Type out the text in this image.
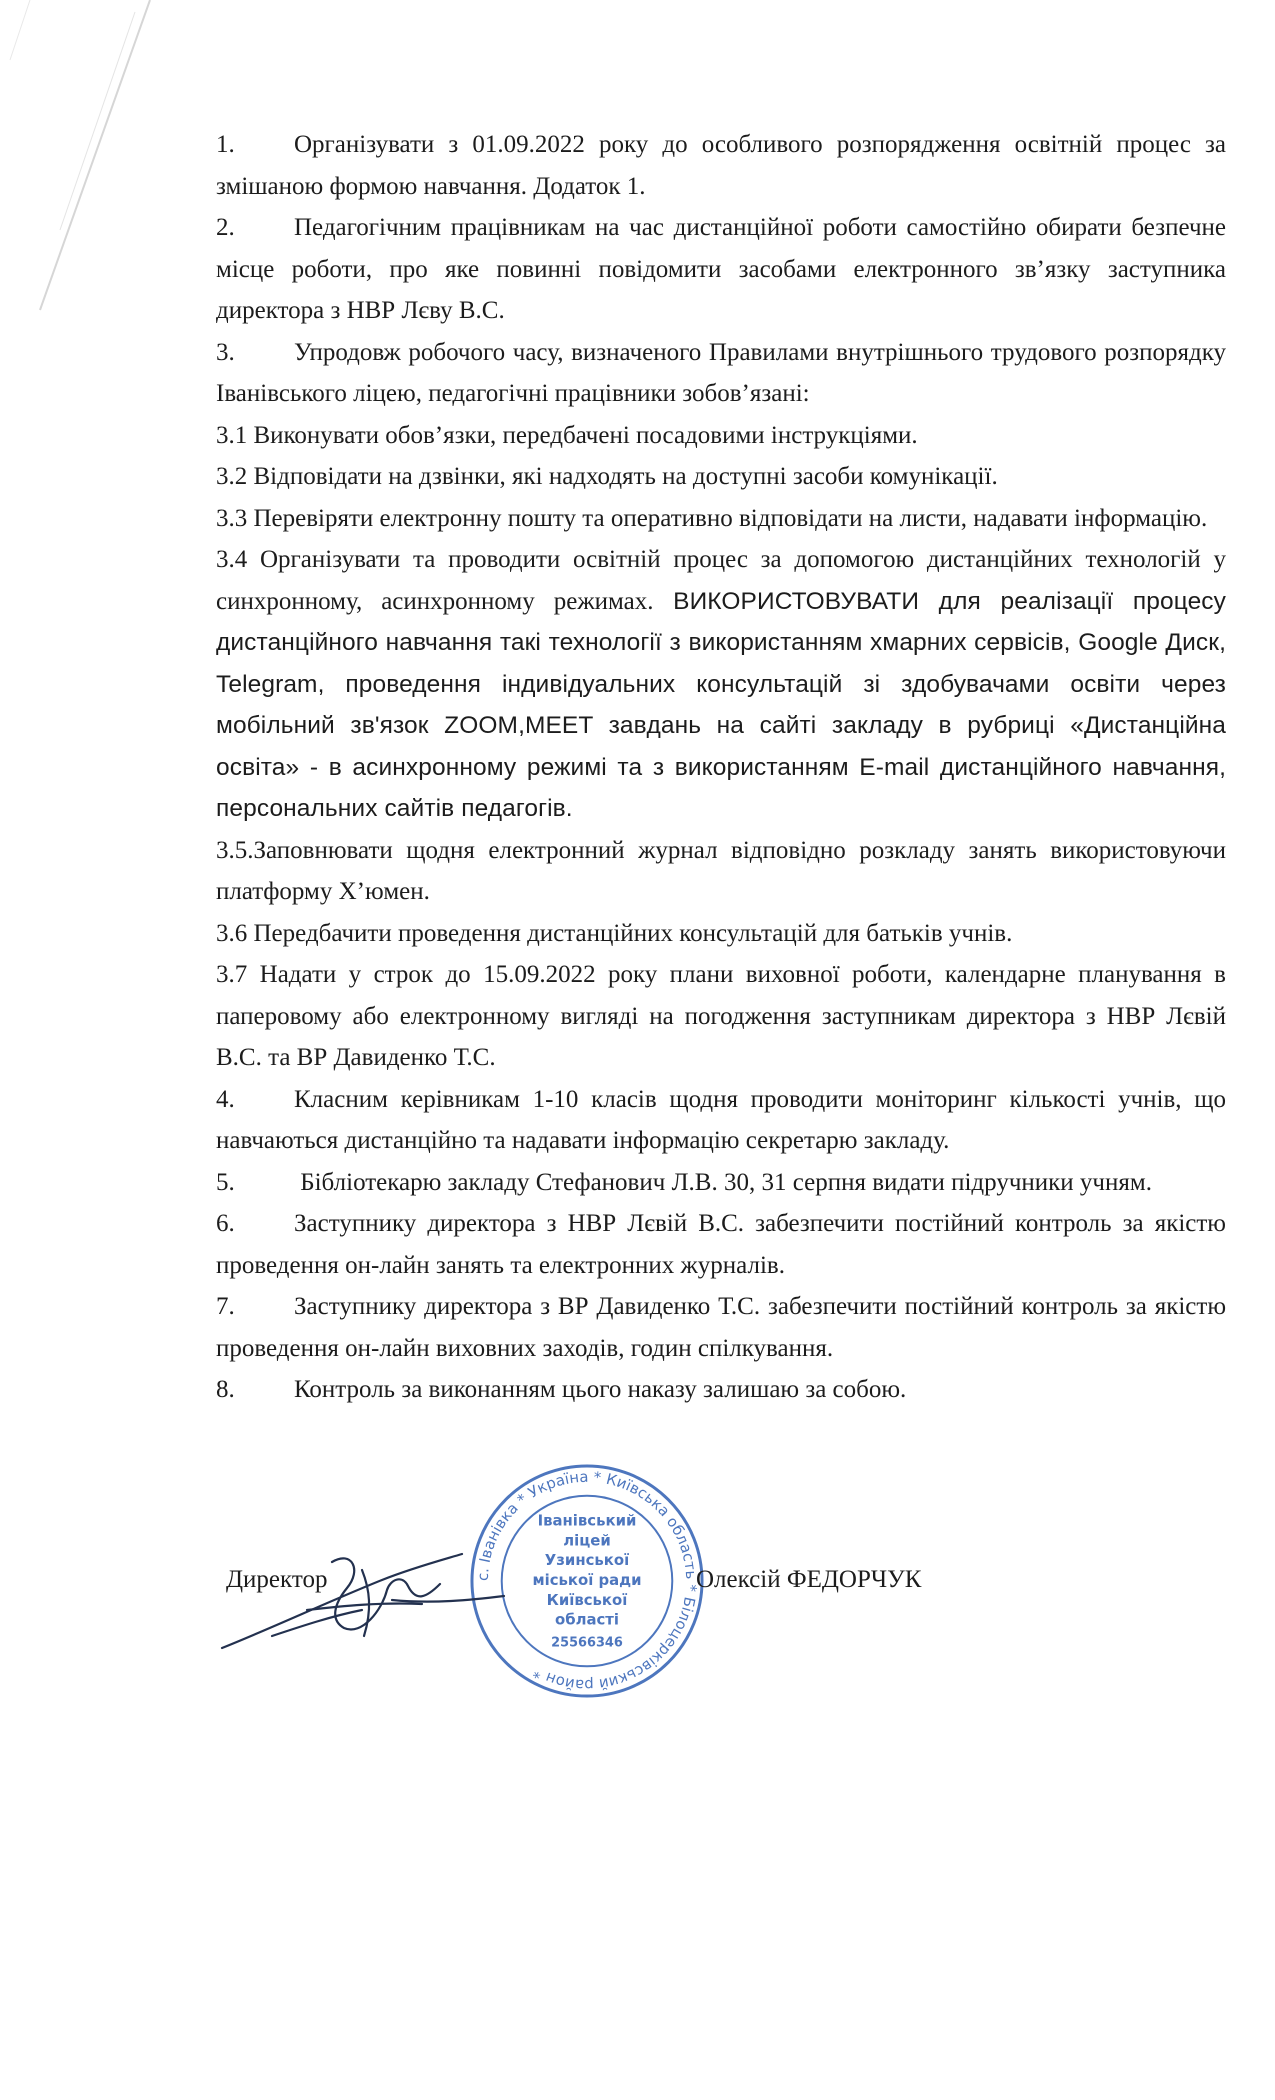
1. Організувати з 01.09.2022 року до особливого розпорядження освітній процес за змішаною формою навчання. Додаток 1.

2. Педагогічним працівникам на час дистанційної роботи самостійно обирати безпечне місце роботи, про яке повинні повідомити засобами електронного зв’язку заступника директора з НВР Лєву В.С.

3. Упродовж робочого часу, визначеного Правилами внутрішнього трудового розпорядку Іванівського ліцею, педагогічні працівники зобов’язані:

3.1 Виконувати обов’язки, передбачені посадовими інструкціями.

3.2 Відповідати на дзвінки, які надходять на доступні засоби комунікації.

3.3 Перевіряти електронну пошту та оперативно відповідати на листи, надавати інформацію.

3.4 Організувати та проводити освітній процес за допомогою дистанційних технологій у синхронному, асинхронному режимах. ВИКОРИСТОВУВАТИ для реалізації процесу дистанційного навчання такі технології з використанням хмарних сервісів, Google Диск, Telegram, проведення індивідуальних консультацій зі здобувачами освіти через мобільний зв'язок ZOOM,MEET завдань на сайті закладу в рубриці «Дистанційна освіта» - в асинхронному режимі та з використанням E-mail дистанційного навчання, персональних сайтів педагогів.

3.5.Заповнювати щодня електронний журнал відповідно розкладу занять використовуючи платформу Х’юмен.

3.6 Передбачити проведення дистанційних консультацій для батьків учнів.

3.7 Надати у строк до 15.09.2022 року плани виховної роботи, календарне планування в паперовому або електронному вигляді на погодження заступникам директора з НВР Лєвій В.С. та ВР Давиденко Т.С.

4. Класним керівникам 1-10 класів щодня проводити моніторинг кількості учнів, що навчаються дистанційно та надавати інформацію секретарю закладу.

5. Бібліотекарю закладу Стефанович Л.В. 30, 31 серпня видати підручники учням.

6. Заступнику директора з НВР Лєвій В.С. забезпечити постійний контроль за якістю проведення он-лайн занять та електронних журналів.

7. Заступнику директора з ВР Давиденко Т.С. забезпечити постійний контроль за якістю проведення он-лайн виховних заходів, годин спілкування.

8. Контроль за виконанням цього наказу залишаю за собою.

с. Іванівка * Україна * Київська область * Білоцерківський район *
Іванівський
ліцей
Узинської
міської ради
Київської
області
25566346
Директор	Олексій ФЕДОРЧУК
